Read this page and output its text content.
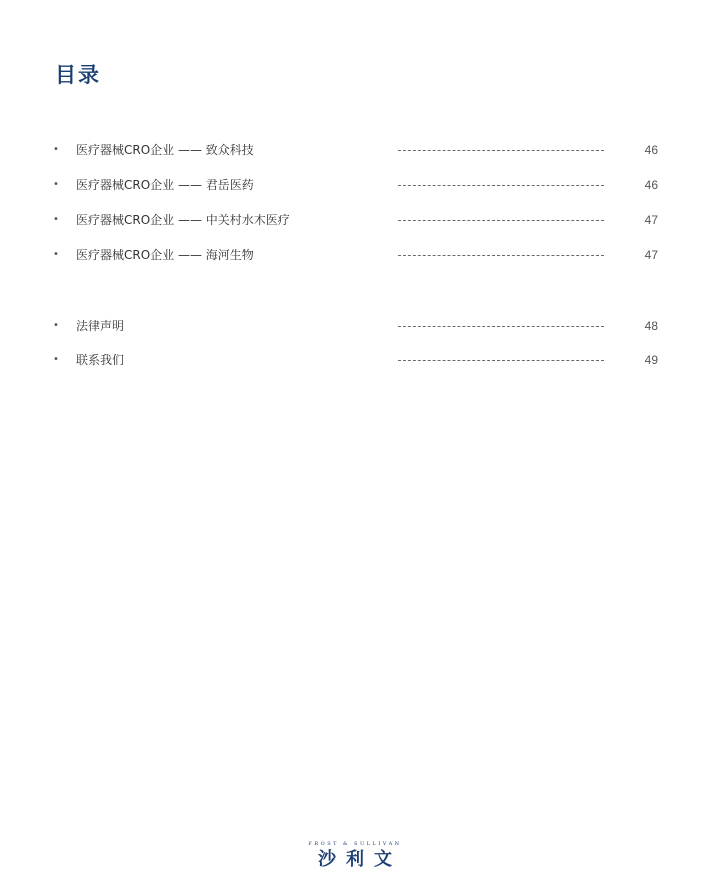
目录
• 医疗器械CRO企业 —— 致众科技	46
• 医疗器械CRO企业 —— 君岳医药	46
• 医疗器械CRO企业 —— 中关村水木医疗	47
• 医疗器械CRO企业 —— 海河生物	47
• 法律声明	48
• 联系我们	49
FROST & SULLIVAN
沙利文
